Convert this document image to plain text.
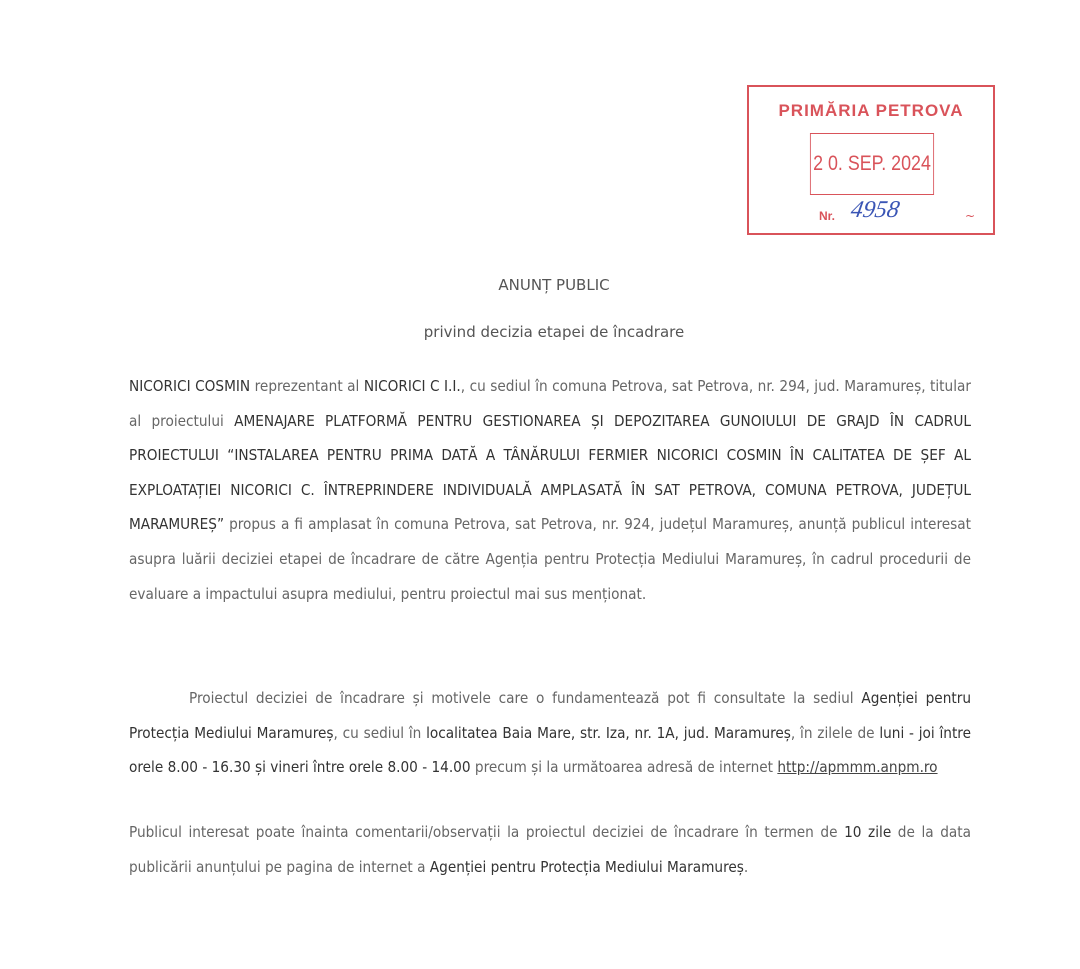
PRIMĂRIA PETROVA
2 0. SEP. 2024
Nr. 4958	~
ANUNȚ PUBLIC
privind decizia etapei de încadrare
NICORICI COSMIN reprezentant al NICORICI C I.I., cu sediul în comuna Petrova, sat Petrova, nr. 294, jud. Maramureș, titular al proiectului AMENAJARE PLATFORMĂ PENTRU GESTIONAREA ȘI DEPOZITAREA GUNOIULUI DE GRAJD ÎN CADRUL PROIECTULUI “INSTALAREA PENTRU PRIMA DATĂ A TÂNĂRULUI FERMIER NICORICI COSMIN ÎN CALITATEA DE ȘEF AL EXPLOATAȚIEI NICORICI C. ÎNTREPRINDERE INDIVIDUALĂ AMPLASATĂ ÎN SAT PETROVA, COMUNA PETROVA, JUDEȚUL MARAMUREȘ” propus a fi amplasat în comuna Petrova, sat Petrova, nr. 924, județul Maramureș, anunță publicul interesat asupra luării deciziei etapei de încadrare de către Agenția pentru Protecția Mediului Maramureș, în cadrul procedurii de evaluare a impactului asupra mediului, pentru proiectul mai sus menționat.
Proiectul deciziei de încadrare și motivele care o fundamentează pot fi consultate la sediul Agenției pentru Protecția Mediului Maramureș, cu sediul în localitatea Baia Mare, str. Iza, nr. 1A, jud. Maramureș, în zilele de luni - joi între orele 8.00 - 16.30 și vineri între orele 8.00 - 14.00 precum și la următoarea adresă de internet http://apmmm.anpm.ro
Publicul interesat poate înainta comentarii/observații la proiectul deciziei de încadrare în termen de 10 zile de la data publicării anunțului pe pagina de internet a Agenției pentru Protecția Mediului Maramureș.
